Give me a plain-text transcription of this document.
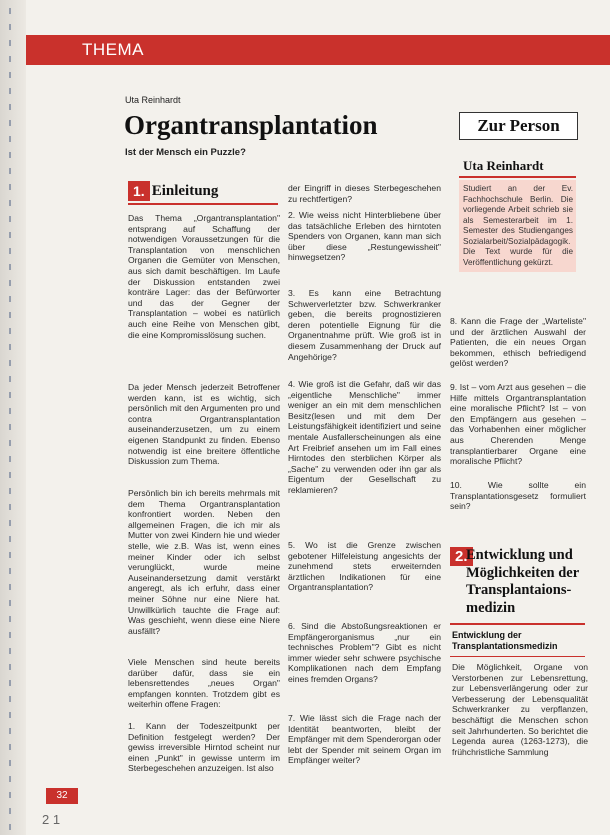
THEMA
Uta Reinhardt
Organtransplantation
Ist der Mensch ein Puzzle?
1. Einleitung

Das Thema „Organtransplantation" entsprang auf Schaffung der notwendigen Voraussetzungen für die Transplantation von menschlichen Organen die Gemüter von Menschen, aus sich damit beschäftigen. Im Laufe der Diskussion entstanden zwei konträre Lager: das der Befürworter und das der Gegner der Transplantation – wobei es natürlich auch eine Reihe von Menschen gibt, die eine Kompromisslösung suchen.

Da jeder Mensch jederzeit Betroffener werden kann, ist es wichtig, sich persönlich mit den Argumenten pro und contra Organtransplantation auseinanderzusetzen, um zu einem eigenen Standpunkt zu finden. Ebenso notwendig ist eine breitere öffentliche Diskussion zum Thema.

Persönlich bin ich bereits mehrmals mit dem Thema Organtransplantation konfrontiert worden. Neben den allgemeinen Fragen, die ich mir als Mutter von zwei Kindern hie und wieder stelle, wie z.B. Was ist, wenn eines meiner Kinder oder ich selbst verunglückt, wurde meine Auseinandersetzung damit verstärkt angeregt, als ich erfuhr, dass einer meiner Söhne nur eine Niere hat. Unwillkürlich tauchte die Frage auf: Was geschieht, wenn diese eine Niere ausfällt?

Viele Menschen sind heute bereits darüber dafür, dass sie ein lebensrettendes „neues Organ" empfangen konnten. Trotzdem gibt es weiterhin offene Fragen:

1. Kann der Todeszeitpunkt per Definition festgelegt werden? Der gewiss irreversible Hirntod scheint nur einen „Punkt" in gewisse unterm im Sterbegeschehen anzuzeigen. Ist also

der Eingriff in dieses Sterbegeschehen zu rechtfertigen?

2. Wie weiss nicht Hinterbliebene über das tatsächliche Erleben des hirntoten Spenders von Organen, kann man sich über diese „Restungewissheit" hinwegsetzen?

3. Es kann eine Betrachtung Schwerverletzter bzw. Schwerkranker geben, die bereits prognostizieren deren potentielle Eignung für die Organentnahme prüft. Wie groß ist in diesem Zusammenhang der Druck auf Angehörige?

4. Wie groß ist die Gefahr, daß wir das „eigentliche Menschliche" immer weniger an ein mit dem menschlichen Besitz(lesen und mit dem Der Leistungsfähigkeit identifiziert und seine mentale Ausfallerscheinungen als eine Art Freibrief ansehen um im Fall eines Hirntodes den sterblichen Körper als „Sache" zu verwenden oder ihn gar als Eigentum der Gesellschaft zu reklamieren?

5. Wo ist die Grenze zwischen gebotener Hilfeleistung angesichts der zunehmend stets erweiternden ärztlichen Indikationen für eine Organtransplantation?

6. Sind die Abstoßungsreaktionen er Empfängerorganismus „nur ein technisches Problem"? Gibt es nicht immer wieder sehr schwere psychische Komplikationen nach dem Empfang eines fremden Organs?

7. Wie lässt sich die Frage nach der Identität beantworten, bleibt der Empfänger mit dem Spenderorgan oder lebt der Spender mit seinem Organ im Empfänger weiter?

8. Kann die Frage der „Warteliste" und der ärztlichen Auswahl der Patienten, die ein neues Organ bekommen, ethisch befriedigend gelöst werden?

9. Ist – vom Arzt aus gesehen – die Hilfe mittels Organtransplantation eine moralische Pflicht? Ist – von den Empfängern aus gesehen – das Vorhabenhen einer möglicher aus Cherenden Menge transplantierbarer Organe eine moralische Pflicht?

10. Wie sollte ein Transplantationsgesetz formuliert sein?

Zur Person
Uta Reinhardt

Studiert an der Ev. Fachhochschule Berlin. Die vorliegende Arbeit schrieb sie als Semesterarbeit im 1. Semester des Studienganges Sozialarbeit/Sozialpädagogik. Die Text wurde für die Veröffentlichung gekürzt.

2.
Entwicklung und Möglichkeiten der Transplantaions-medizin
Entwicklung der Transplantationsmedizin

Die Möglichkeit, Organe von Verstorbenen zur Lebensrettung, zur Lebensverlängerung oder zur Verbesserung der Lebensqualität Schwerkranker zu verpflanzen, beschäftigt die Menschen schon seit Jahrhunderten. So berichtet die Legenda aurea (1263-1273), die frühchristliche Sammlung

32
2 1
